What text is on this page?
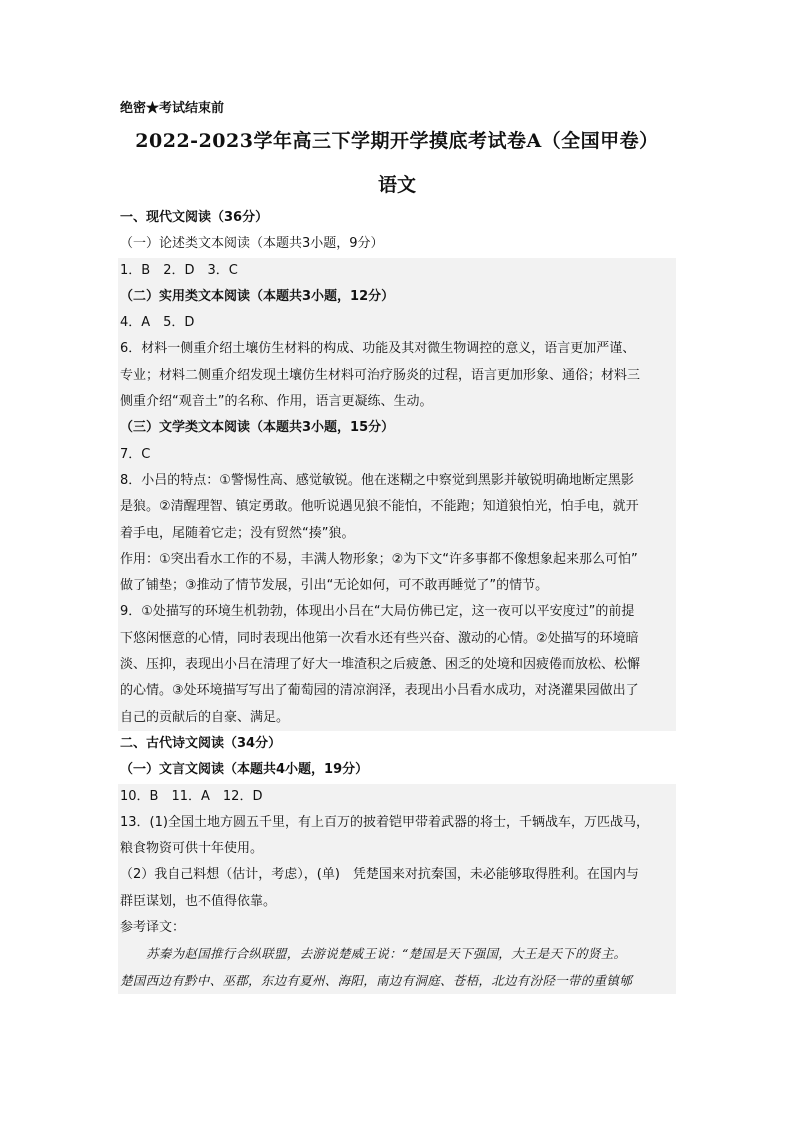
绝密★考试结束前
2022-2023学年高三下学期开学摸底考试卷A（全国甲卷）
语文
一、现代文阅读（36分）
（一）论述类文本阅读（本题共3小题，9分）
1．B　2．D　3．C
（二）实用类文本阅读（本题共3小题，12分）
4．A　5．D
6．材料一侧重介绍土壤仿生材料的构成、功能及其对微生物调控的意义，语言更加严谨、
专业；材料二侧重介绍发现土壤仿生材料可治疗肠炎的过程，语言更加形象、通俗；材料三
侧重介绍“观音土”的名称、作用，语言更凝练、生动。
（三）文学类文本阅读（本题共3小题，15分）
7．C
8．小吕的特点：①警惕性高、感觉敏锐。他在迷糊之中察觉到黑影并敏锐明确地断定黑影
是狼。②清醒理智、镇定勇敢。他听说遇见狼不能怕，不能跑；知道狼怕光，怕手电，就开
着手电，尾随着它走；没有贸然“揍”狼。
作用：①突出看水工作的不易，丰满人物形象；②为下文“许多事都不像想象起来那么可怕”
做了铺垫；③推动了情节发展，引出“无论如何，可不敢再睡觉了”的情节。
9．①处描写的环境生机勃勃，体现出小吕在“大局仿佛已定，这一夜可以平安度过”的前提
下悠闲惬意的心情，同时表现出他第一次看水还有些兴奋、激动的心情。②处描写的环境暗
淡、压抑，表现出小吕在清理了好大一堆渣积之后疲惫、困乏的处境和因疲倦而放松、松懈
的心情。③处环境描写写出了葡萄园的清凉润泽，表现出小吕看水成功，对浇灌果园做出了
自己的贡献后的自豪、满足。
二、古代诗文阅读（34分）
（一）文言文阅读（本题共4小题，19分）
10．B　11．A　12．D
13．(1)全国土地方圆五千里，有上百万的披着铠甲带着武器的将士，千辆战车，万匹战马，
粮食物资可供十年使用。
（2）我自己料想（估计，考虑），(单)　凭楚国来对抗秦国，未必能够取得胜利。在国内与
群臣谋划，也不值得依靠。
参考译文：
苏秦为赵国推行合纵联盟，去游说楚威王说：“楚国是天下强国，大王是天下的贤主。
楚国西边有黔中、巫郡，东边有夏州、海阳，南边有洞庭、苍梧，北边有汾陉一带的重镇郇
